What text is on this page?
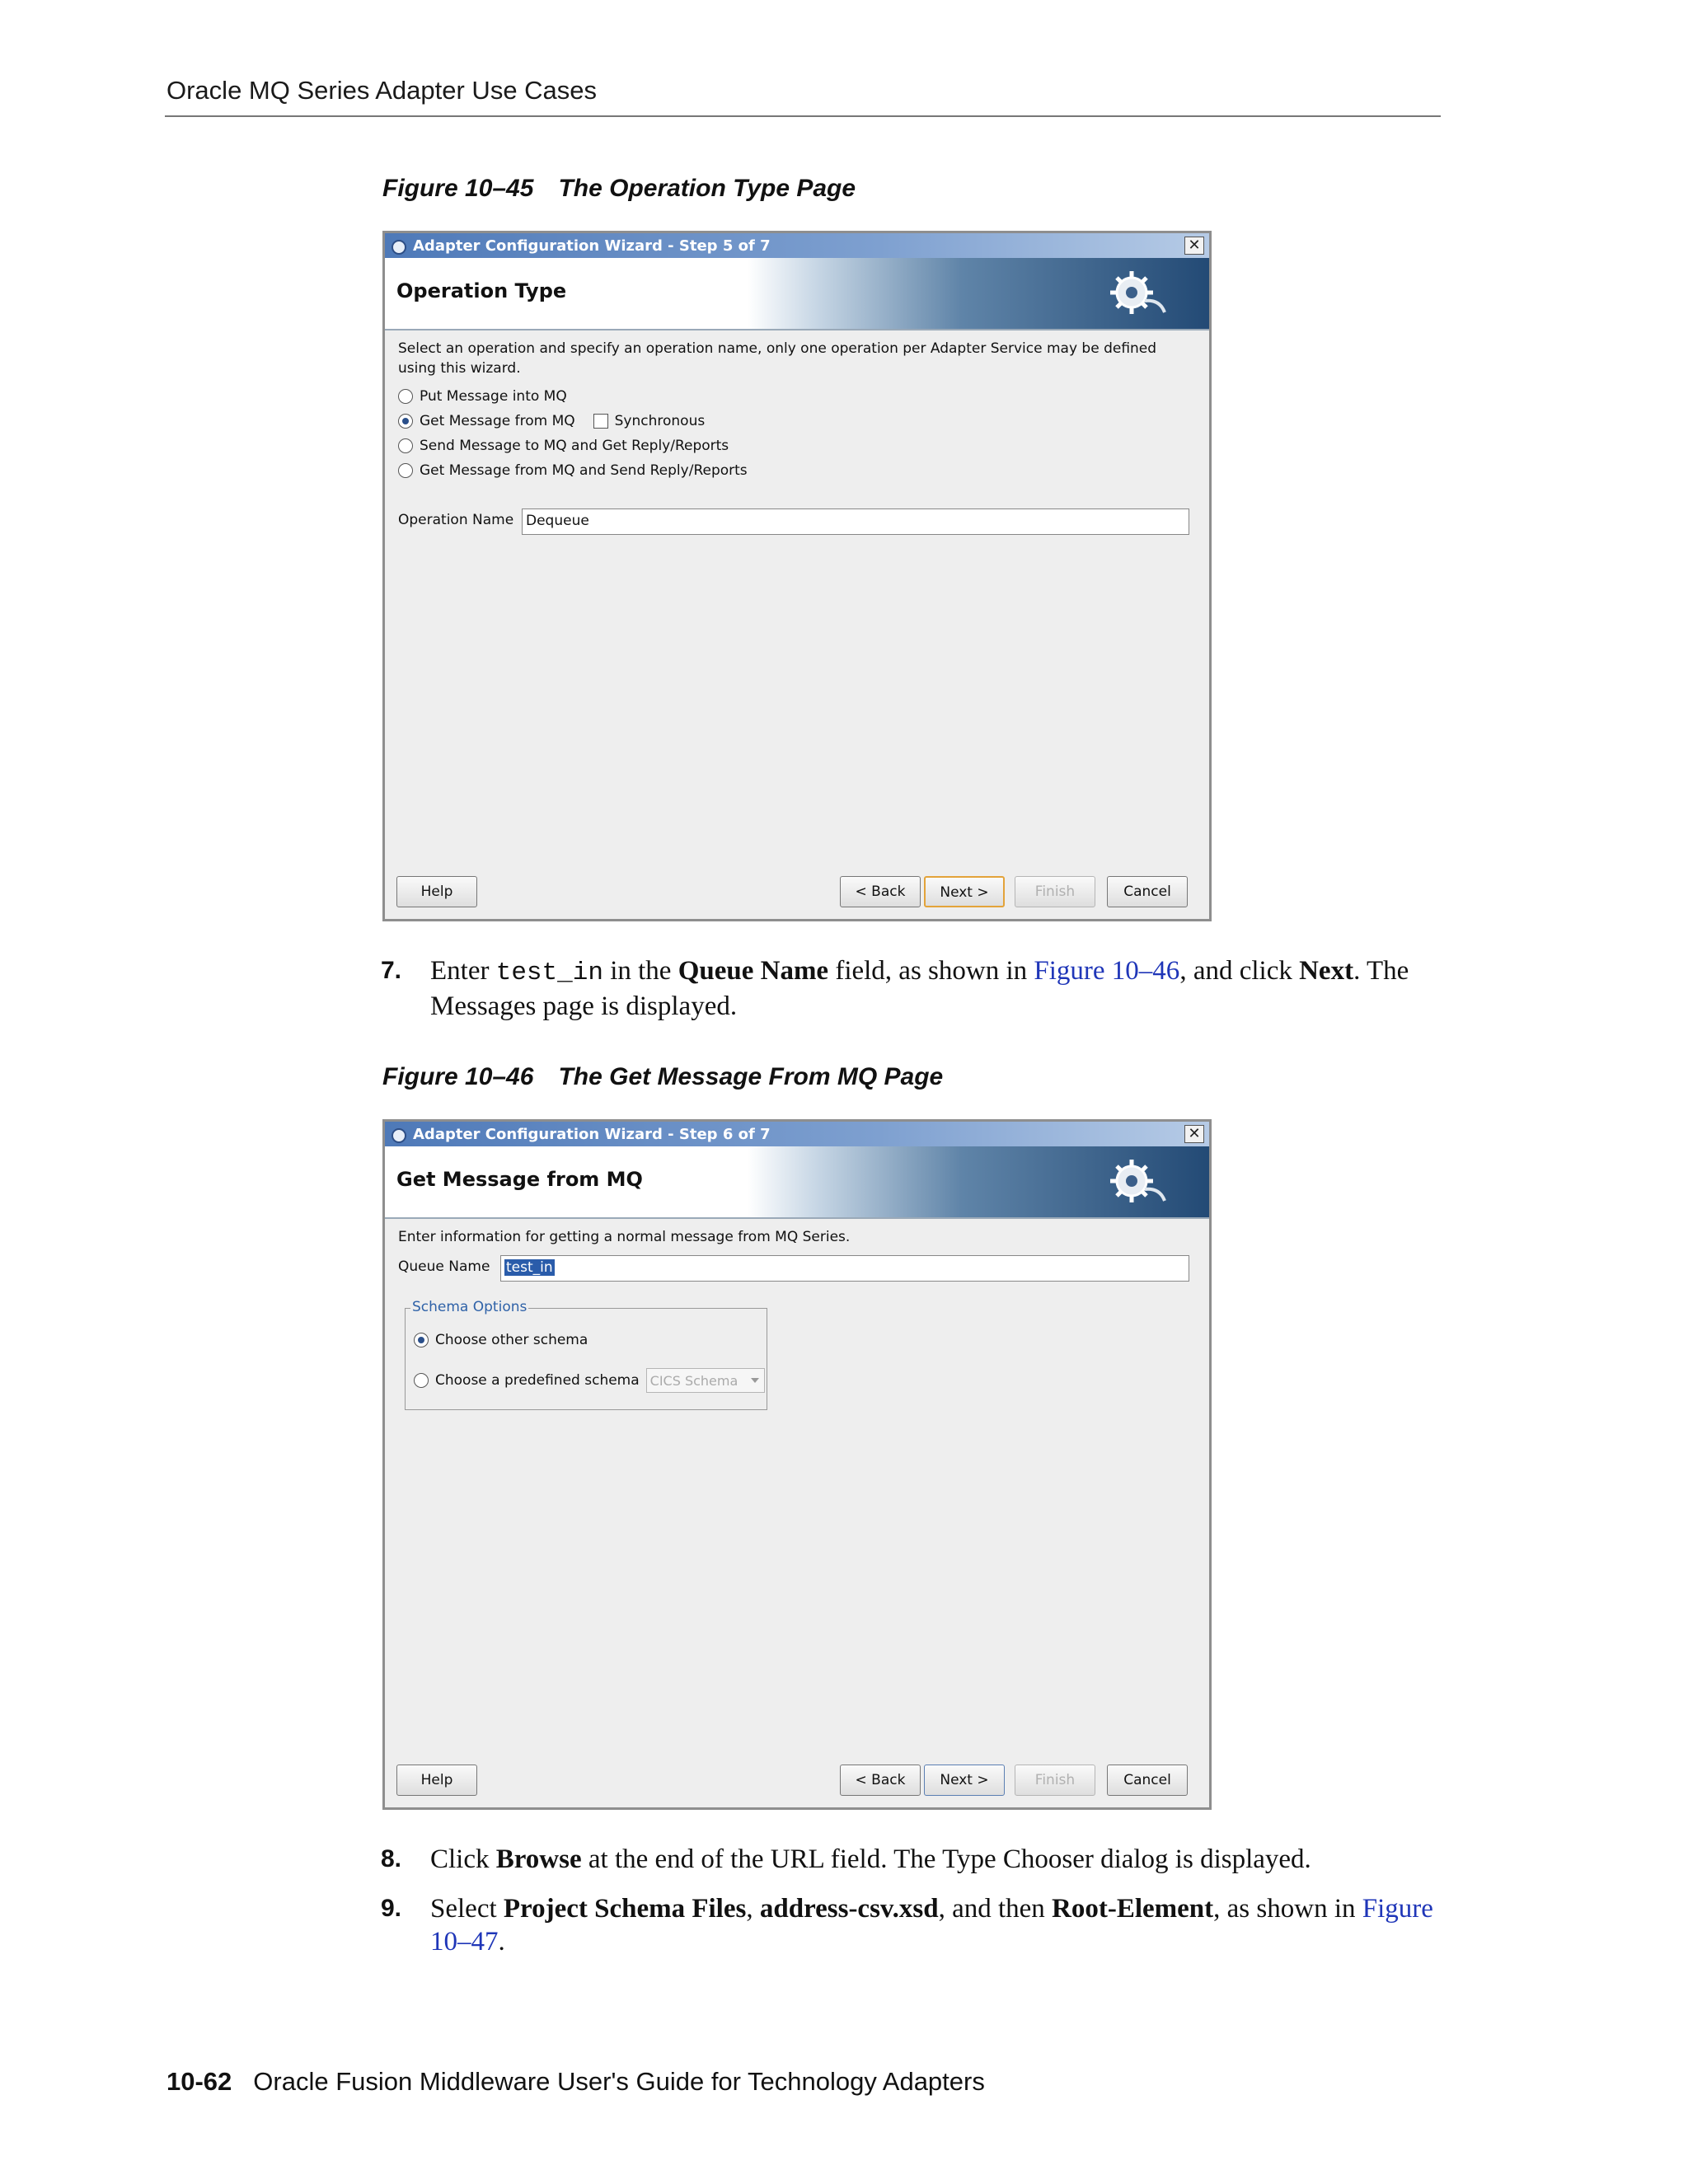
Oracle MQ Series Adapter Use Cases
Figure 10–45 The Operation Type Page
Adapter Configuration Wizard - Step 5 of 7	✕
Operation Type
Select an operation and specify an operation name, only one operation per Adapter Service may be defined using this wizard.
Put Message into MQ
Get Message from MQ	Synchronous
Send Message to MQ and Get Reply/Reports
Get Message from MQ and Send Reply/Reports
Operation Name Dequeue
Help	< Back	Next >	Finish	Cancel
7. Enter test_in in the Queue Name field, as shown in Figure 10–46, and click Next. The Messages page is displayed.
Figure 10–46 The Get Message From MQ Page
Adapter Configuration Wizard - Step 6 of 7	✕
Get Message from MQ
Enter information for getting a normal message from MQ Series.
Queue Name	test_in
Schema Options
Choose other schema
Choose a predefined schema CICS Schema
Help	< Back	Next >	Finish	Cancel
8. Click Browse at the end of the URL field. The Type Chooser dialog is displayed.
9. Select Project Schema Files, address-csv.xsd, and then Root-Element, as shown in Figure 10–47.
10-62 Oracle Fusion Middleware User's Guide for Technology Adapters
